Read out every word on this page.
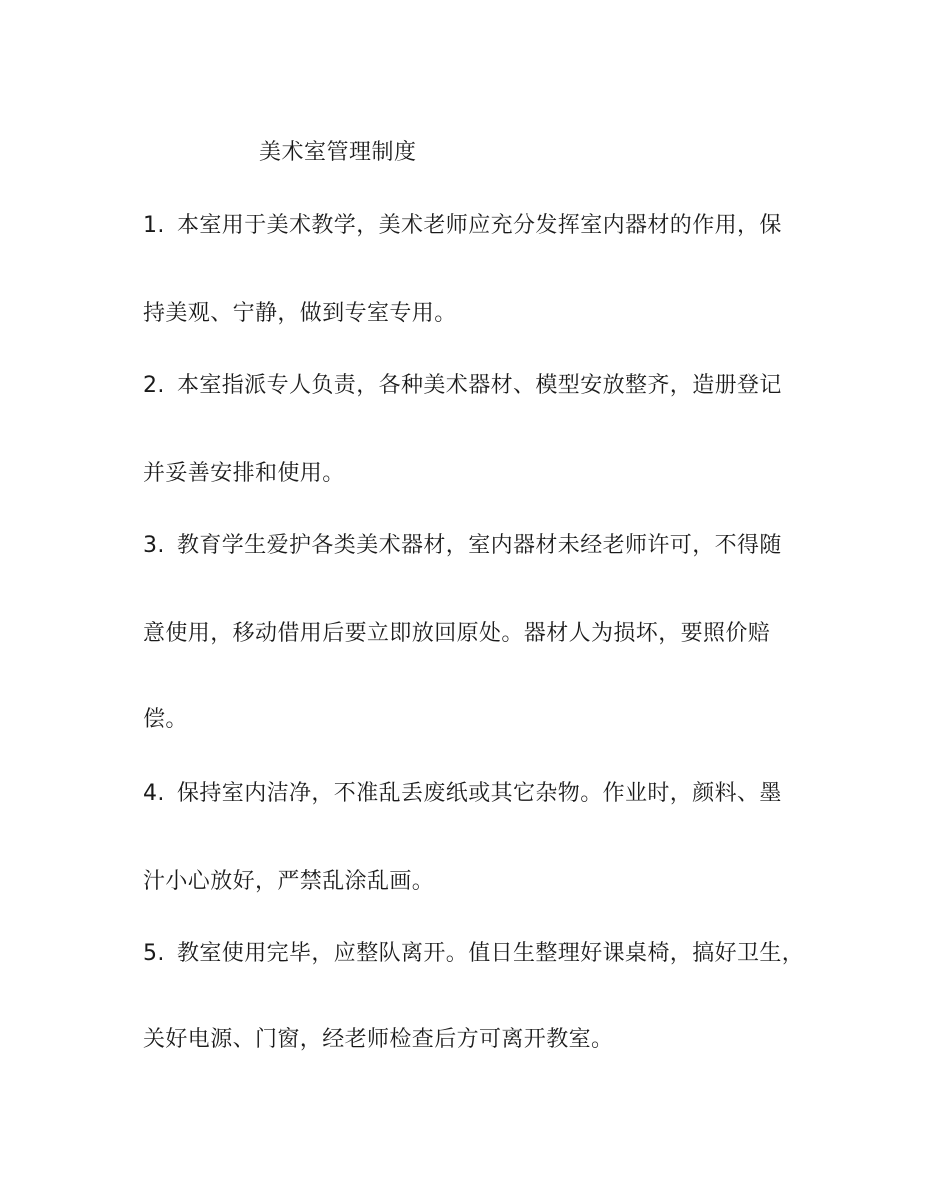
美术室管理制度
1. 本室用于美术教学，美术老师应充分发挥室内器材的作用，保
持美观、宁静，做到专室专用。
2. 本室指派专人负责，各种美术器材、模型安放整齐，造册登记
并妥善安排和使用。
3. 教育学生爱护各类美术器材，室内器材未经老师许可，不得随
意使用，移动借用后要立即放回原处。器材人为损坏，要照价赔
偿。
4. 保持室内洁净，不准乱丢废纸或其它杂物。作业时，颜料、墨
汁小心放好，严禁乱涂乱画。
5. 教室使用完毕，应整队离开。值日生整理好课桌椅，搞好卫生，
关好电源、门窗，经老师检查后方可离开教室。
